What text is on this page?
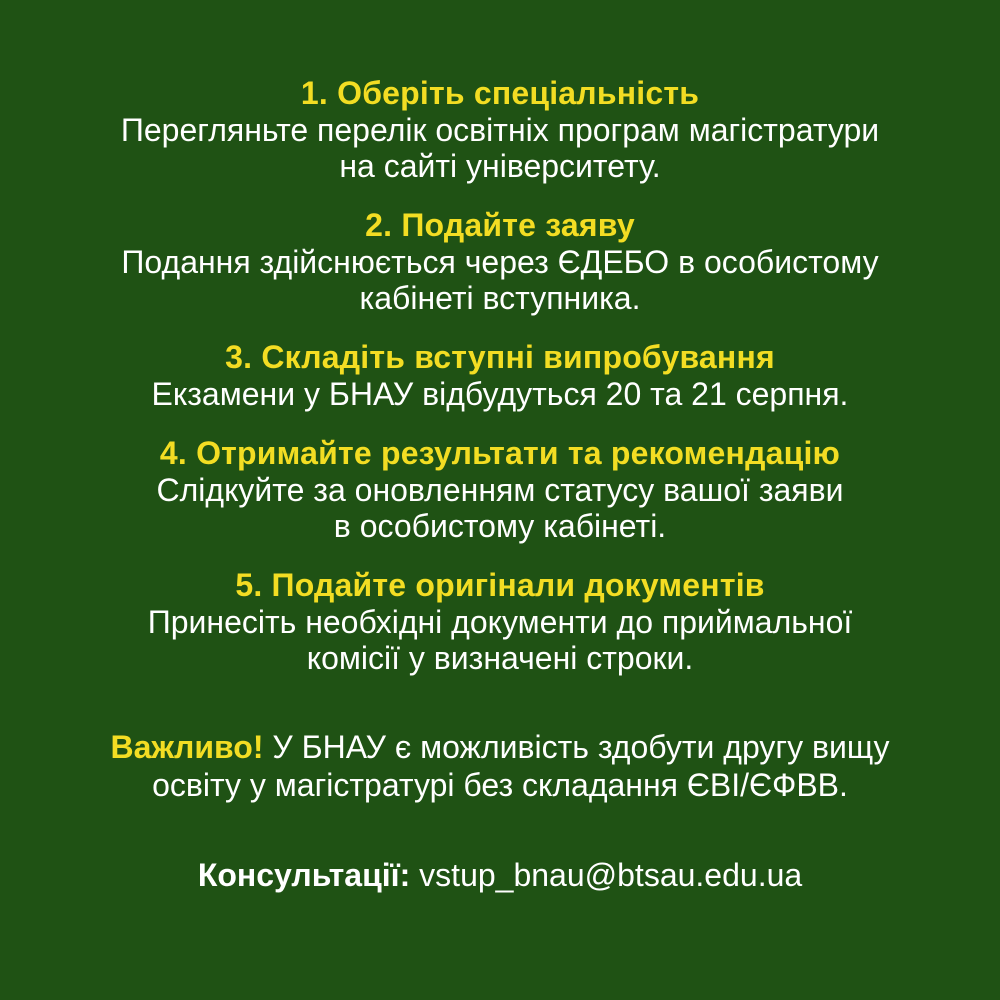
1. Оберіть спеціальність
Перегляньте перелік освітніх програм магістратури
на сайті університету.
2. Подайте заяву
Подання здійснюється через ЄДЕБО в особистому
кабінеті вступника.
3. Складіть вступні випробування
Екзамени у БНАУ відбудуться 20 та 21 серпня.
4. Отримайте результати та рекомендацію
Слідкуйте за оновленням статусу вашої заяви
в особистому кабінеті.
5. Подайте оригінали документів
Принесіть необхідні документи до приймальної
комісії у визначені строки.
Важливо! У БНАУ є можливість здобути другу вищу
освіту у магістратурі без складання ЄВІ/ЄФВВ.
Консультації: vstup_bnau@btsau.edu.ua
